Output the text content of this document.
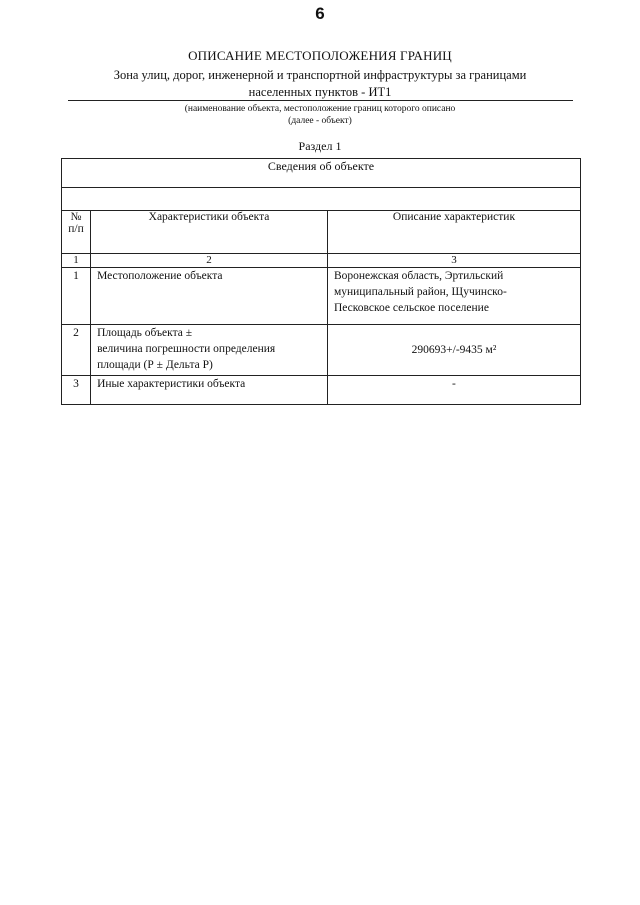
6
ОПИСАНИЕ МЕСТОПОЛОЖЕНИЯ ГРАНИЦ
Зона улиц, дорог, инженерной и транспортной инфраструктуры за границами
населенных пунктов - ИТ1
(наименование объекта, местоположение границ которого описано
(далее - объект)
Раздел 1
Сведения об объекте		

№
п/п	Характеристики объекта	Описание характеристик
1	2	3
1	Местоположение объекта	Воронежская область, Эртильский
муниципальный район, Щучинско-
Песковское сельское поселение

2	Площадь объекта ±
величина погрешности определения
площади (Р ± Дельта Р)	290693+/-9435 м²
3	Иные характеристики объекта	-
